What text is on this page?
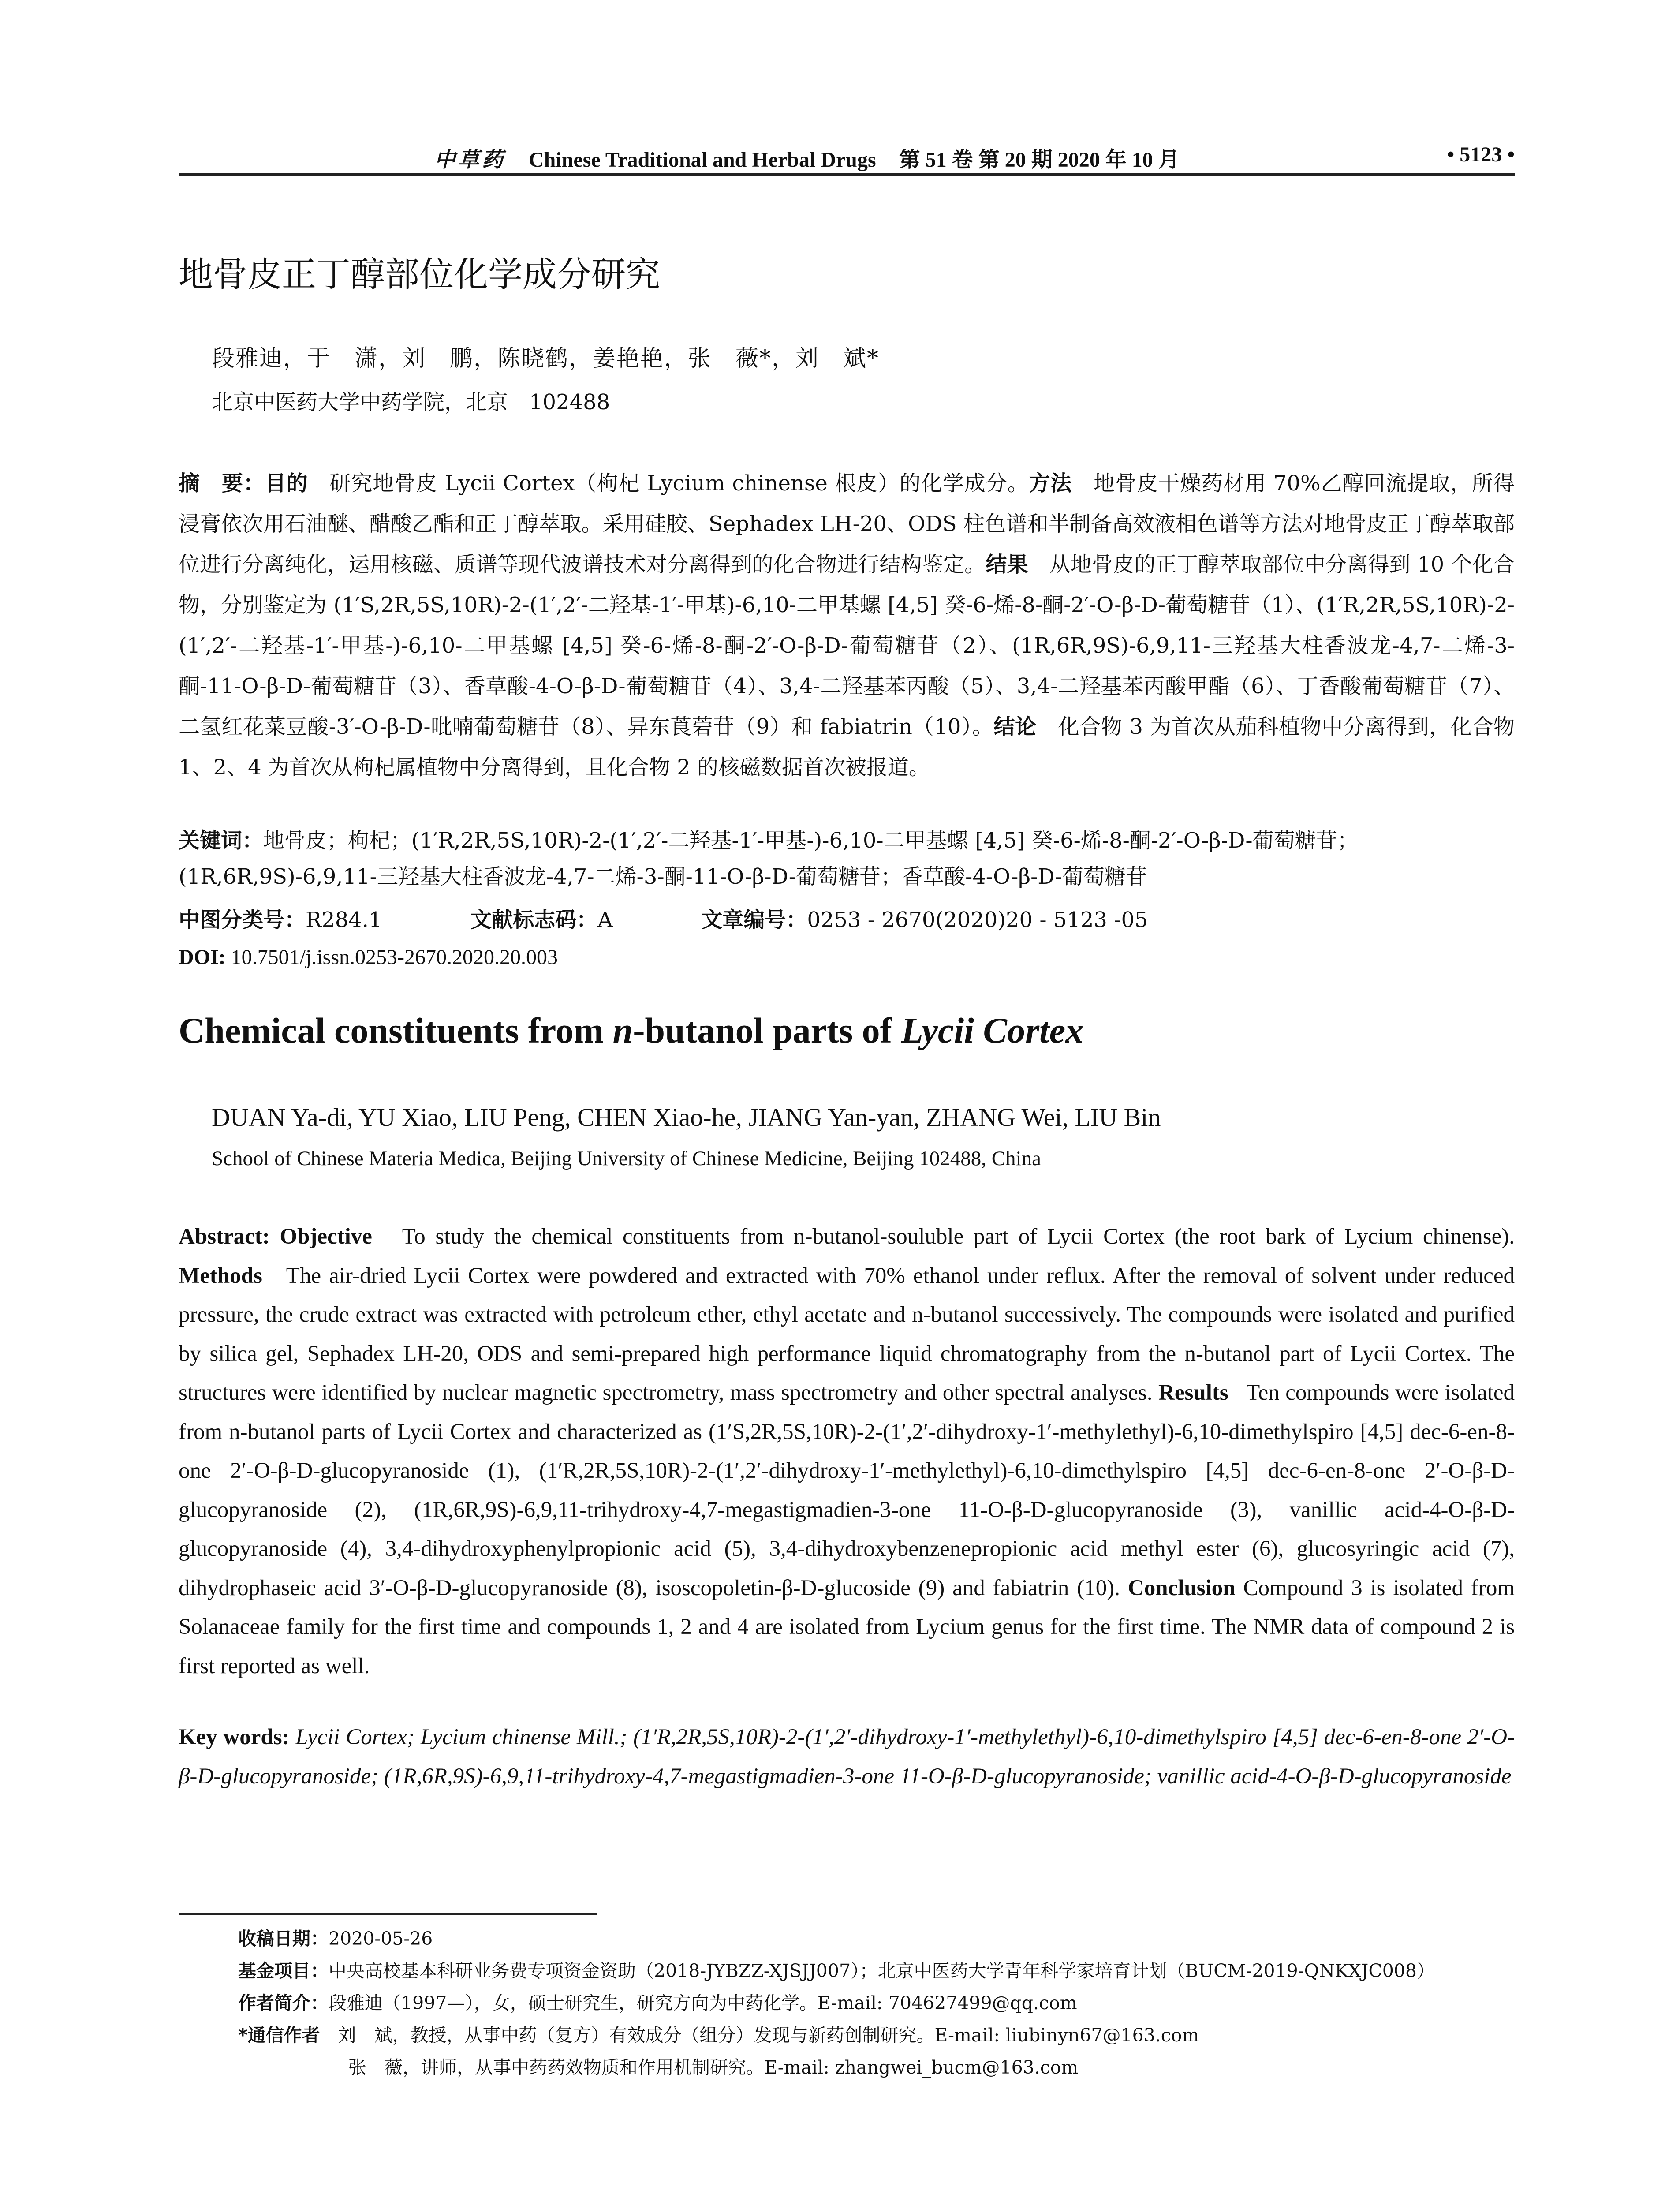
中草药 Chinese Traditional and Herbal Drugs 第 51 卷 第 20 期 2020 年 10 月	• 5123 •
地骨皮正丁醇部位化学成分研究
段雅迪，于　潇，刘　鹏，陈晓鹤，姜艳艳，张　薇*，刘　斌*
北京中医药大学中药学院，北京　102488
摘　要：目的　 研究地骨皮 Lycii Cortex（枸杞 Lycium chinense 根皮）的化学成分。方法　 地骨皮干燥药材用 70%乙醇回流提取，所得浸膏依次用石油醚、醋酸乙酯和正丁醇萃取。采用硅胶、Sephadex LH-20、ODS 柱色谱和半制备高效液相色谱等方法对地骨皮正丁醇萃取部位进行分离纯化，运用核磁、质谱等现代波谱技术对分离得到的化合物进行结构鉴定。结果　 从地骨皮的正丁醇萃取部位中分离得到 10 个化合物，分别鉴定为 (1′S,2R,5S,10R)-2-(1′,2′-二羟基-1′-甲基)-6,10-二甲基螺 [4,5] 癸-6-烯-8-酮-2′-O-β-D-葡萄糖苷（1）、(1′R,2R,5S,10R)-2-(1′,2′-二羟基-1′-甲基-)-6,10-二甲基螺 [4,5] 癸-6-烯-8-酮-2′-O-β-D-葡萄糖苷（2）、(1R,6R,9S)-6,9,11-三羟基大柱香波龙-4,7-二烯-3-酮-11-O-β-D-葡萄糖苷（3）、香草酸-4-O-β-D-葡萄糖苷（4）、3,4-二羟基苯丙酸（5）、3,4-二羟基苯丙酸甲酯（6）、丁香酸葡萄糖苷（7）、二氢红花菜豆酸-3′-O-β-D-吡喃葡萄糖苷（8）、异东莨菪苷（9）和 fabiatrin（10）。结论　 化合物 3 为首次从茄科植物中分离得到，化合物 1、2、4 为首次从枸杞属植物中分离得到，且化合物 2 的核磁数据首次被报道。
关键词：地骨皮；枸杞；(1′R,2R,5S,10R)-2-(1′,2′-二羟基-1′-甲基-)-6,10-二甲基螺 [4,5] 癸-6-烯-8-酮-2′-O-β-D-葡萄糖苷；(1R,6R,9S)-6,9,11-三羟基大柱香波龙-4,7-二烯-3-酮-11-O-β-D-葡萄糖苷；香草酸-4-O-β-D-葡萄糖苷
中图分类号：R284.1	文献标志码：A	文章编号：0253 - 2670(2020)20 - 5123 -05
DOI: 10.7501/j.issn.0253-2670.2020.20.003
Chemical constituents from n-butanol parts of Lycii Cortex
DUAN Ya-di, YU Xiao, LIU Peng, CHEN Xiao-he, JIANG Yan-yan, ZHANG Wei, LIU Bin
School of Chinese Materia Medica, Beijing University of Chinese Medicine, Beijing 102488, China
Abstract: Objective To study the chemical constituents from n-butanol-souluble part of Lycii Cortex (the root bark of Lycium chinense). Methods The air-dried Lycii Cortex were powdered and extracted with 70% ethanol under reflux. After the removal of solvent under reduced pressure, the crude extract was extracted with petroleum ether, ethyl acetate and n-butanol successively. The compounds were isolated and purified by silica gel, Sephadex LH-20, ODS and semi-prepared high performance liquid chromatography from the n-butanol part of Lycii Cortex. The structures were identified by nuclear magnetic spectrometry, mass spectrometry and other spectral analyses. Results Ten compounds were isolated from n-butanol parts of Lycii Cortex and characterized as (1′S,2R,5S,10R)-2-(1′,2′-dihydroxy-1′-methylethyl)-6,10-dimethylspiro [4,5] dec-6-en-8-one 2′-O-β-D-glucopyranoside (1), (1′R,2R,5S,10R)-2-(1′,2′-dihydroxy-1′-methylethyl)-6,10-dimethylspiro [4,5] dec-6-en-8-one 2′-O-β-D-glucopyranoside (2), (1R,6R,9S)-6,9,11-trihydroxy-4,7-megastigmadien-3-one 11-O-β-D-glucopyranoside (3), vanillic acid-4-O-β-D-glucopyranoside (4), 3,4-dihydroxyphenylpropionic acid (5), 3,4-dihydroxybenzenepropionic acid methyl ester (6), glucosyringic acid (7), dihydrophaseic acid 3′-O-β-D-glucopyranoside (8), isoscopoletin-β-D-glucoside (9) and fabiatrin (10). Conclusion Compound 3 is isolated from Solanaceae family for the first time and compounds 1, 2 and 4 are isolated from Lycium genus for the first time. The NMR data of compound 2 is first reported as well.
Key words: Lycii Cortex; Lycium chinense Mill.; (1′R,2R,5S,10R)-2-(1′,2′-dihydroxy-1′-methylethyl)-6,10-dimethylspiro [4,5] dec-6-en-8-one 2′-O-β-D-glucopyranoside; (1R,6R,9S)-6,9,11-trihydroxy-4,7-megastigmadien-3-one 11-O-β-D-glucopyranoside; vanillic acid-4-O-β-D-glucopyranoside
收稿日期：2020-05-26
基金项目：中央高校基本科研业务费专项资金资助（2018-JYBZZ-XJSJJ007）；北京中医药大学青年科学家培育计划（BUCM-2019-QNKXJC008）
作者简介：段雅迪（1997—），女，硕士研究生，研究方向为中药化学。E-mail: 704627499@qq.com
*通信作者　 刘　斌，教授，从事中药（复方）有效成分（组分）发现与新药创制研究。E-mail: liubinyn67@163.com
张　薇，讲师，从事中药药效物质和作用机制研究。E-mail: zhangwei_bucm@163.com
